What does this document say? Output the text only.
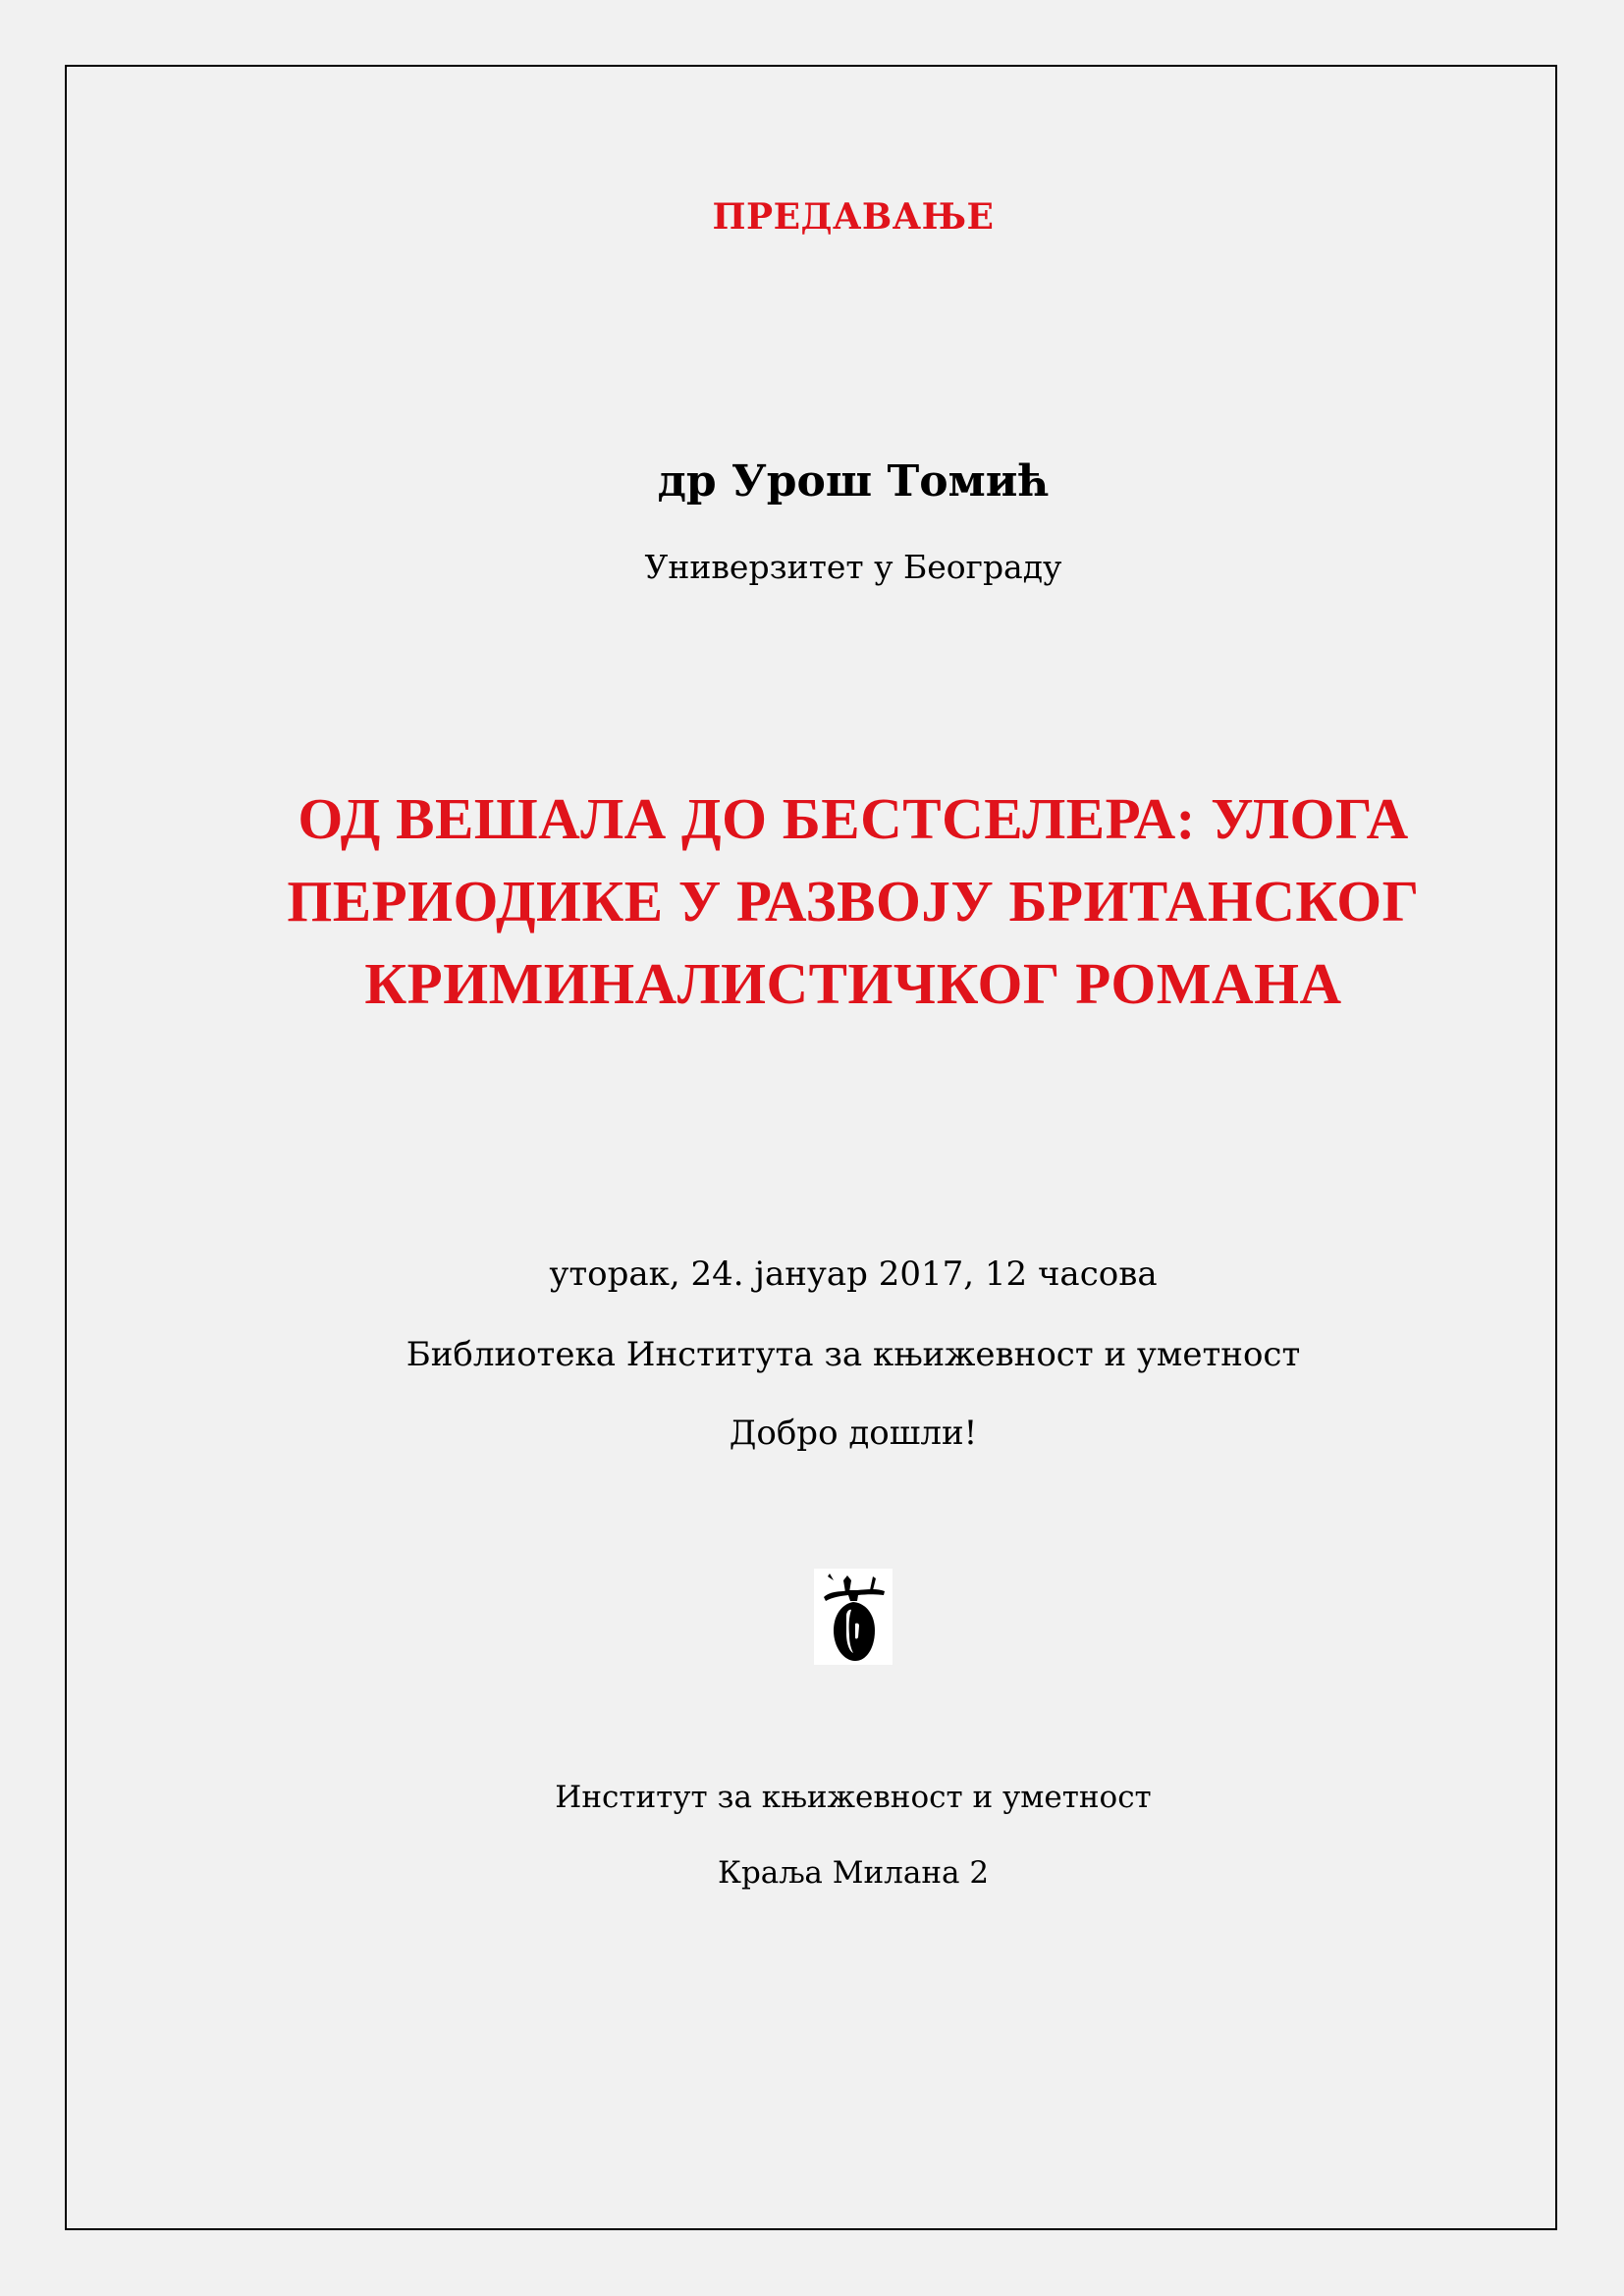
ПРЕДАВАЊЕ
др Урош Томић
Универзитет у Београду
ОД ВЕШАЛА ДО БЕСТСЕЛЕРА: УЛОГА
ПЕРИОДИКЕ У РАЗВОЈУ БРИТАНСКОГ
КРИМИНАЛИСТИЧКОГ РОМАНА
уторак, 24. јануар 2017, 12 часова
Библиотека Института за књижевност и уметност
Добро дошли!
Институт за књижевност и уметност
Краља Милана 2
